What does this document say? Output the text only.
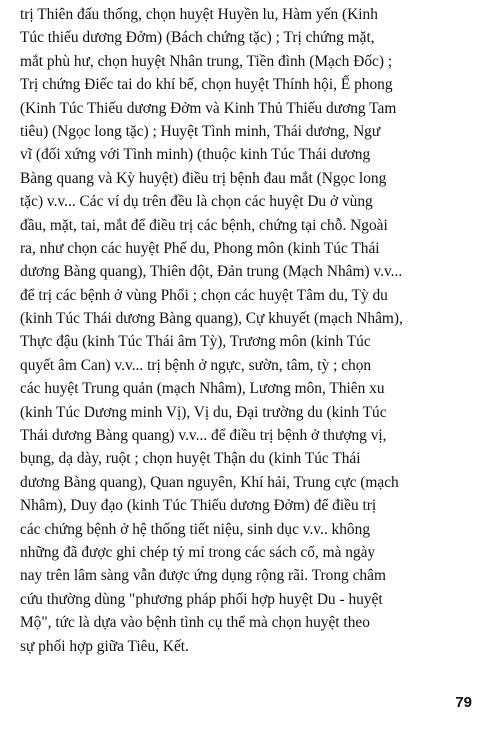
trị Thiên đấu thống, chọn huyệt Huyền lu, Hàm yến (Kinh
Túc thiếu dương Đởm) (Bách chứng tặc) ; Trị chứng mặt,
mắt phù hư, chọn huyệt Nhân trung, Tiền đình (Mạch Đốc) ;
Trị chứng Điếc tai do khí bế, chọn huyệt Thính hội, Ế phong
(Kinh Túc Thiếu dương Đởm và Kinh Thủ Thiếu dương Tam
tiêu) (Ngọc long tặc) ; Huyệt Tình minh, Thái dương, Ngư
vĩ (đối xứng với Tình minh) (thuộc kinh Túc Thái dương
Bàng quang và Kỳ huyệt) điều trị bệnh đau mắt (Ngọc long
tặc) v.v... Các ví dụ trên đều là chọn các huyệt Du ở vùng
đầu, mặt, tai, mắt để điều trị các bệnh, chứng tại chỗ. Ngoài
ra, như chọn các huyệt Phế du, Phong môn (kinh Túc Thái
dương Bàng quang), Thiên đột, Đản trung (Mạch Nhâm) v.v...
để trị các bệnh ở vùng Phổi ; chọn các huyệt Tâm du, Tỳ du
(kinh Túc Thái dương Bàng quang), Cự khuyết (mạch Nhâm),
Thực đậu (kinh Túc Thái âm Tỳ), Trương môn (kinh Túc
quyết âm Can) v.v... trị bệnh ở ngực, sườn, tâm, tỳ ; chọn
các huyệt Trung quản (mạch Nhâm), Lương môn, Thiên xu
(kinh Túc Dương minh Vị), Vị du, Đại trường du (kinh Túc
Thái dương Bàng quang) v.v... để điều trị bệnh ở thượng vị,
bụng, dạ dày, ruột ; chọn huyệt Thận du (kinh Túc Thái
dương Bàng quang), Quan nguyên, Khí hải, Trung cực (mạch
Nhâm), Duy đạo (kinh Túc Thiếu dương Đởm) để điều trị
các chứng bệnh ở hệ thống tiết niệu, sinh dục v.v.. không
những đã được ghi chép tỷ mỉ trong các sách cổ, mà ngày
nay trên lâm sàng vẫn được ứng dụng rộng rãi. Trong châm
cứu thường dùng "phương pháp phối hợp huyệt Du - huyệt
Mộ", tức là dựa vào bệnh tình cụ thể mà chọn huyệt theo
sự phối hợp giữa Tiêu, Kết.
79
